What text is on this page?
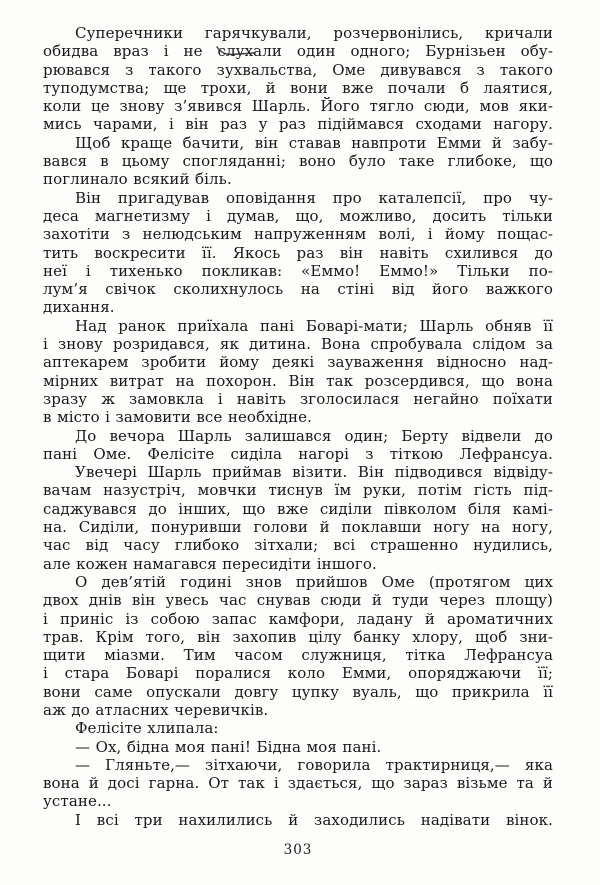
Суперечники гарячкували, розчервонілись, кричали
обидва враз і не слухали один одного; Бурнізьен обу-
рювався з такого зухвальства, Оме дивувався з такого
туподумства; ще трохи, й вони вже почали б лаятися,
коли це знову з’явився Шарль. Його тягло сюди, мов яки-
мись чарами, і він раз у раз підіймався сходами нагору.

Щоб краще бачити, він ставав навпроти Емми й забу-
вався в цьому спогляданні; воно було таке глибоке, що
поглинало всякий біль.

Він пригадував оповідання про каталепсії, про чу-
деса магнетизму і думав, що, можливо, досить тільки
захотіти з нелюдським напруженням волі, і йому пощас-
тить воскресити її. Якось раз він навіть схилився до
неї і тихенько покликав: «Еммо! Еммо!» Тільки по-
лум’я свічок сколихнулось на стіні від його важкого
дихання.

Над ранок приїхала пані Боварі-мати; Шарль обняв її
і знову розридався, як дитина. Вона спробувала слідом за
аптекарем зробити йому деякі зауваження відносно над-
мірних витрат на похорон. Він так розсердився, що вона
зразу ж замовкла і навіть зголосилася негайно поїхати
в місто і замовити все необхідне.

До вечора Шарль залишався один; Берту відвели до
пані Оме. Фелісіте сиділа нагорі з тіткою Лефрансуа.

Увечері Шарль приймав візити. Він підводився відвіду-
вачам назустріч, мовчки тиснув їм руки, потім гість під-
саджувався до інших, що вже сиділи півколом біля камі-
на. Сиділи, понуривши голови й поклавши ногу на ногу,
час від часу глибоко зітхали; всі страшенно нудились,
але кожен намагався пересидіти іншого.

О дев’ятій годині знов прийшов Оме (протягом цих
двох днів він увесь час снував сюди й туди через площу)
і приніс із собою запас камфори, ладану й ароматичних
трав. Крім того, він захопив цілу банку хлору, щоб зни-
щити міазми. Тим часом служниця, тітка Лефрансуа
і стара Боварі поралися коло Емми, опоряджаючи її;
вони саме опускали довгу цупку вуаль, що прикрила її
аж до атласних черевичків.

Фелісіте хлипала:

— Ох, бідна моя пані! Бідна моя пані.

— Гляньте,— зітхаючи, говорила трактирниця,— яка
вона й досі гарна. От так і здається, що зараз візьме та й
устане...

І всі три нахилились й заходились надівати вінок.

303
